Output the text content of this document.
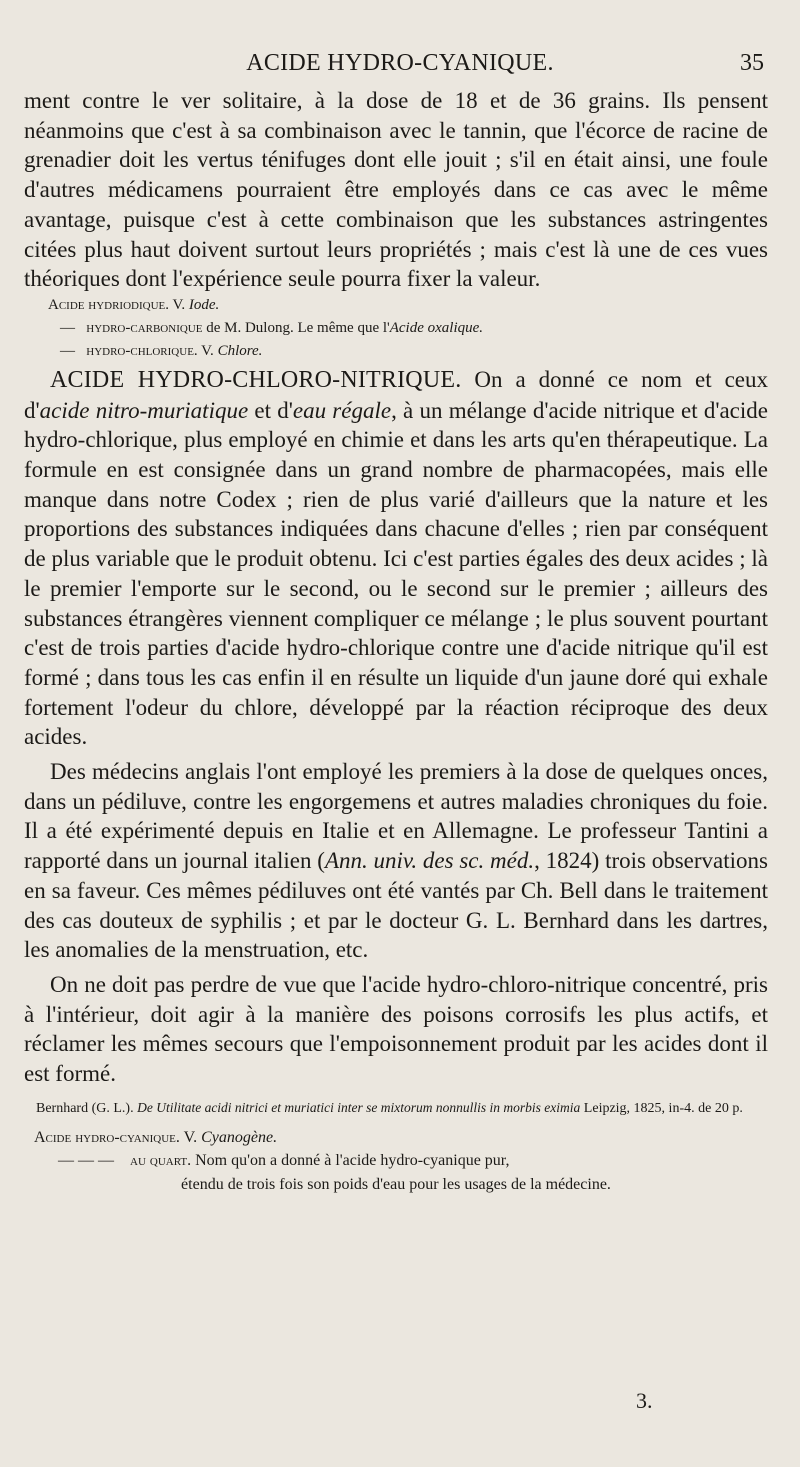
ACIDE HYDRO-CYANIQUE.	35

ment contre le ver solitaire, à la dose de 18 et de 36 grains. Ils pensent néanmoins que c'est à sa combinaison avec le tannin, que l'écorce de racine de grenadier doit les vertus ténifuges dont elle jouit ; s'il en était ainsi, une foule d'autres médicamens pourraient être employés dans ce cas avec le même avantage, puisque c'est à cette combinaison que les substances astringentes citées plus haut doivent surtout leurs propriétés ; mais c'est là une de ces vues théoriques dont l'expérience seule pourra fixer la valeur.

Acide hydriodique. V. Iode.

— hydro-carbonique de M. Dulong. Le même que l'Acide oxalique.

— hydro-chlorique. V. Chlore.

ACIDE HYDRO-CHLORO-NITRIQUE. On a donné ce nom et ceux d'acide nitro-muriatique et d'eau régale, à un mélange d'acide nitrique et d'acide hydro-chlorique, plus employé en chimie et dans les arts qu'en thérapeutique. La formule en est consignée dans un grand nombre de pharmacopées, mais elle manque dans notre Codex ; rien de plus varié d'ailleurs que la nature et les proportions des substances indiquées dans chacune d'elles ; rien par conséquent de plus variable que le produit obtenu. Ici c'est parties égales des deux acides ; là le premier l'emporte sur le second, ou le second sur le premier ; ailleurs des substances étrangères viennent compliquer ce mélange ; le plus souvent pourtant c'est de trois parties d'acide hydro-chlorique contre une d'acide nitrique qu'il est formé ; dans tous les cas enfin il en résulte un liquide d'un jaune doré qui exhale fortement l'odeur du chlore, développé par la réaction réciproque des deux acides.

Des médecins anglais l'ont employé les premiers à la dose de quelques onces, dans un pédiluve, contre les engorgemens et autres maladies chroniques du foie. Il a été expérimenté depuis en Italie et en Allemagne. Le professeur Tantini a rapporté dans un journal italien (Ann. univ. des sc. méd., 1824) trois observations en sa faveur. Ces mêmes pédiluves ont été vantés par Ch. Bell dans le traitement des cas douteux de syphilis ; et par le docteur G. L. Bernhard dans les dartres, les anomalies de la menstruation, etc.

On ne doit pas perdre de vue que l'acide hydro-chloro-nitrique concentré, pris à l'intérieur, doit agir à la manière des poisons corrosifs les plus actifs, et réclamer les mêmes secours que l'empoisonnement produit par les acides dont il est formé.

Bernhard (G. L.). De Utilitate acidi nitrici et muriatici inter se mixtorum nonnullis in morbis eximia Leipzig, 1825, in-4. de 20 p.

Acide hydro-cyanique. V. Cyanogène.

— — — au quart. Nom qu'on a donné à l'acide hydro-cyanique pur,

étendu de trois fois son poids d'eau pour les usages de la médecine.

3.
